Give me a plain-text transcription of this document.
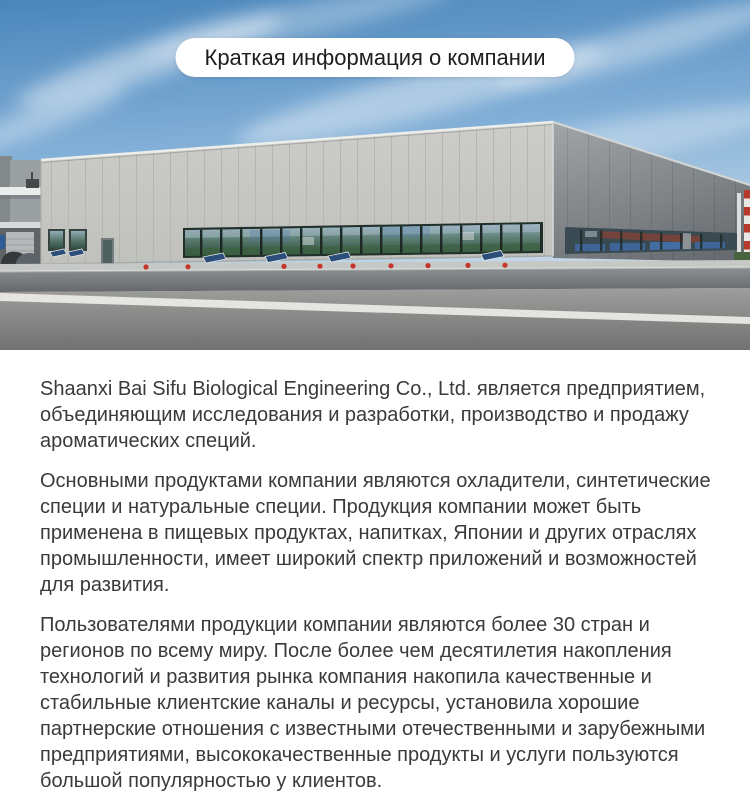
Краткая информация о компании

Shaanxi Bai Sifu Biological Engineering Co., Ltd. является предприятием, объединяющим исследования и разработки, производство и продажу ароматических специй.

Основными продуктами компании являются охладители, синтетические специи и натуральные специи. Продукция компании может быть применена в пищевых продуктах, напитках, Японии и других отраслях промышленности, имеет широкий спектр приложений и возможностей для развития.

Пользователями продукции компании являются более 30 стран и регионов по всему миру. После более чем десятилетия накопления технологий и развития рынка компания накопила качественные и стабильные клиентские каналы и ресурсы, установила хорошие партнерские отношения с известными отечественными и зарубежными предприятиями, высококачественные продукты и услуги пользуются большой популярностью у клиентов.
